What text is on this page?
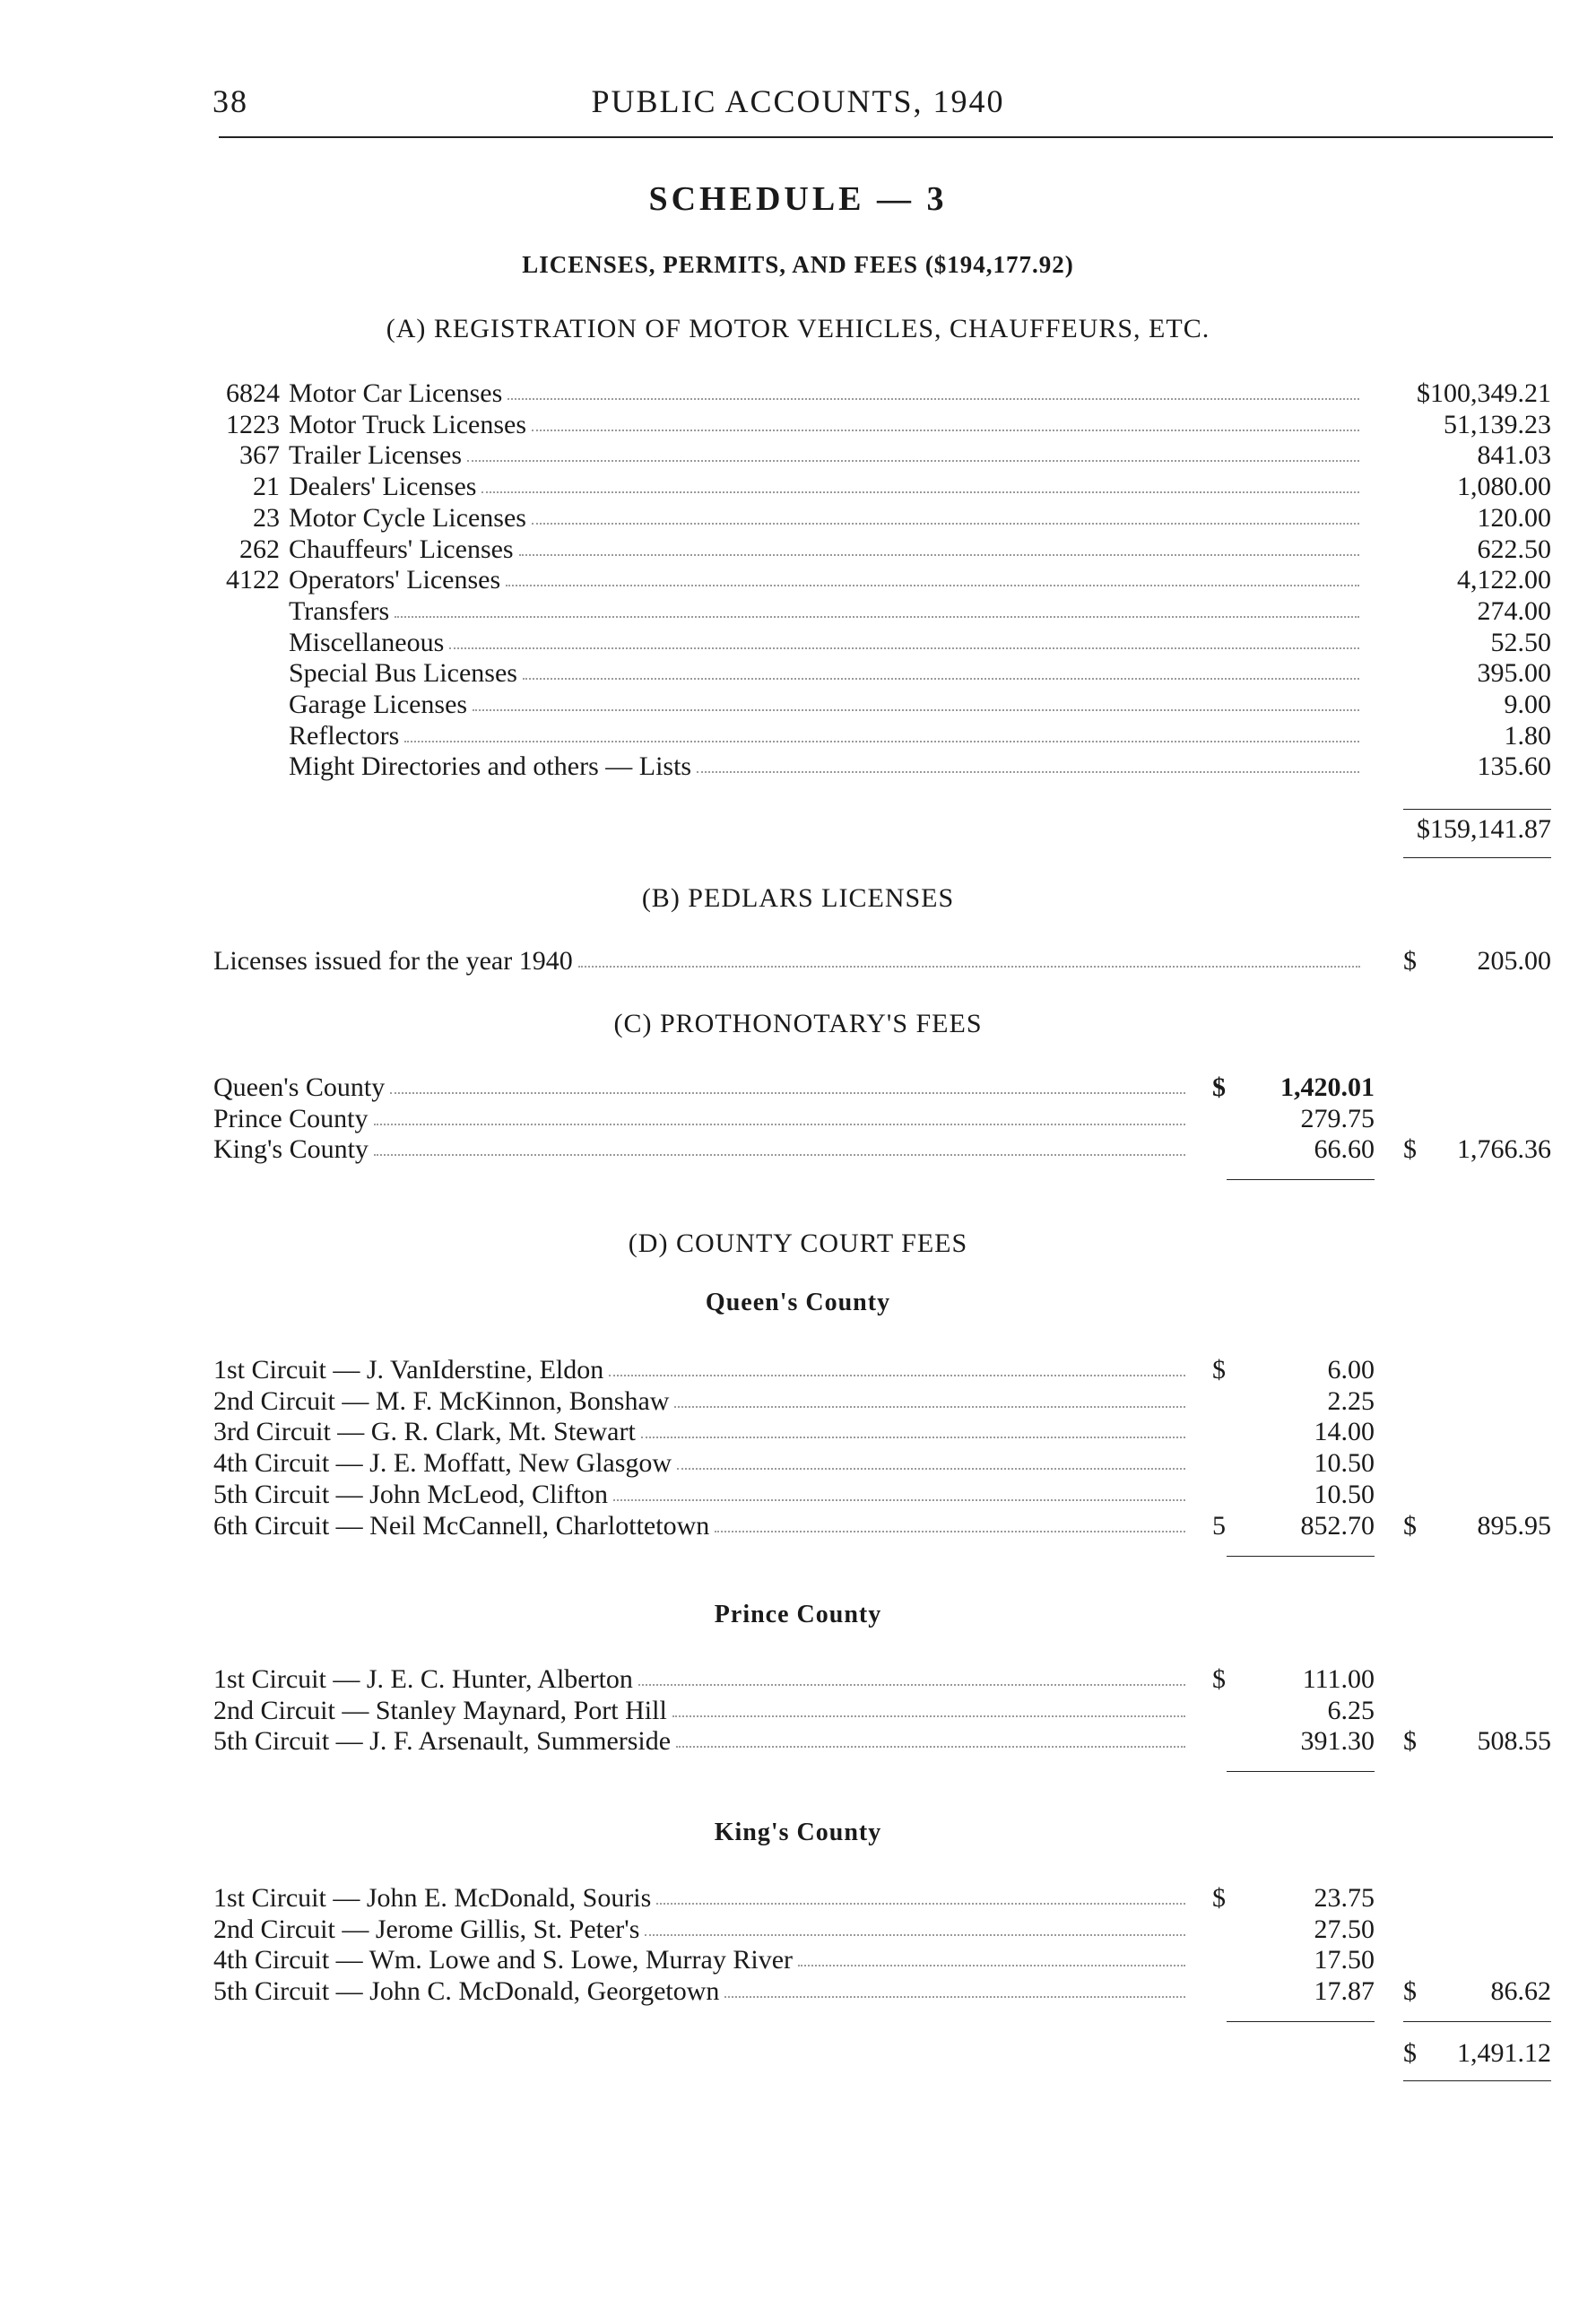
38	PUBLIC ACCOUNTS, 1940
SCHEDULE — 3
LICENSES, PERMITS, AND FEES ($194,177.92)
(A) REGISTRATION OF MOTOR VEHICLES, CHAUFFEURS, ETC.
6824 Motor Car Licenses	$100,349.21
1223 Motor Truck Licenses	51,139.23
367 Trailer Licenses	841.03
21 Dealers' Licenses	1,080.00
23 Motor Cycle Licenses	120.00
262 Chauffeurs' Licenses	622.50
4122 Operators' Licenses	4,122.00
Transfers	274.00
Miscellaneous	52.50
Special Bus Licenses	395.00
Garage Licenses	9.00
Reflectors	1.80
Might Directories and others — Lists	135.60
$159,141.87
(B) PEDLARS LICENSES
Licenses issued for the year 1940	$	205.00
(C) PROTHONOTARY'S FEES
Queen's County	$	1,420.01
Prince County	279.75
King's County	66.60 $	1,766.36
(D) COUNTY COURT FEES
Queen's County
1st Circuit — J. VanIderstine, Eldon	$	6.00
2nd Circuit — M. F. McKinnon, Bonshaw	2.25
3rd Circuit — G. R. Clark, Mt. Stewart	14.00
4th Circuit — J. E. Moffatt, New Glasgow	10.50
5th Circuit — John McLeod, Clifton	10.50
6th Circuit — Neil McCannell, Charlottetown	5	852.70 $	895.95
Prince County
1st Circuit — J. E. C. Hunter, Alberton	$	111.00
2nd Circuit — Stanley Maynard, Port Hill	6.25
5th Circuit — J. F. Arsenault, Summerside	391.30 $	508.55
King's County
1st Circuit — John E. McDonald, Souris	$	23.75
2nd Circuit — Jerome Gillis, St. Peter's	27.50
4th Circuit — Wm. Lowe and S. Lowe, Murray River	17.50
5th Circuit — John C. McDonald, Georgetown	17.87 $	86.62
$	1,491.12
